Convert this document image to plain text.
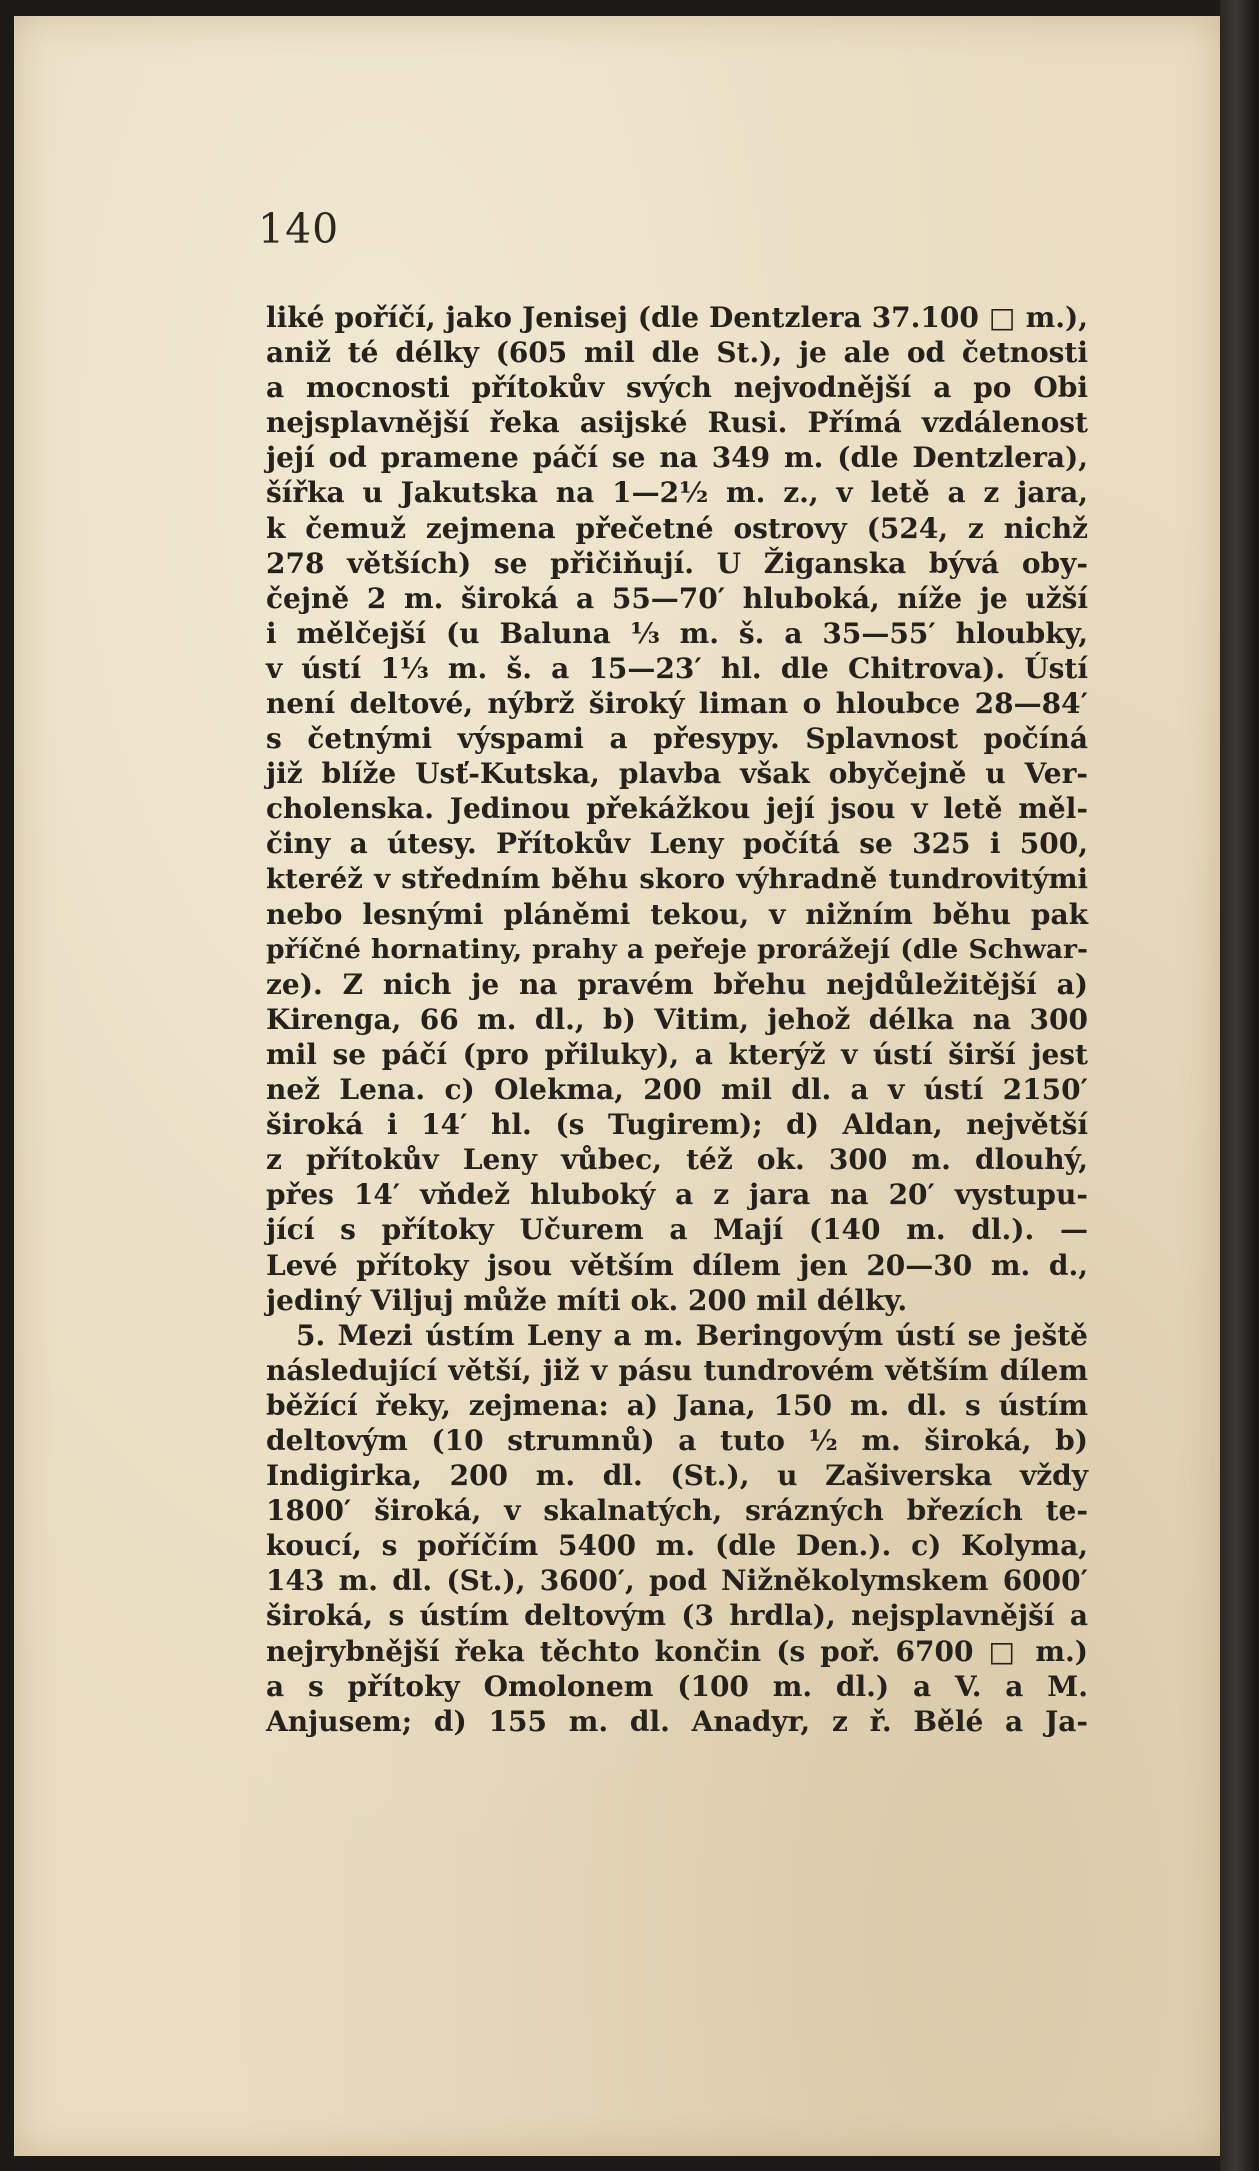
140
liké poříčí, jako Jenisej (dle Dentzlera 37.100 □ m.),
aniž té délky (605 mil dle St.), je ale od četnosti
a mocnosti přítokův svých nejvodnější a po Obi
nejsplavnější řeka asijské Rusi. Přímá vzdálenost
její od pramene páčí se na 349 m. (dle Dentzlera),
šířka u Jakutska na 1—2½ m. z., v letě a z jara,
k čemuž zejmena přečetné ostrovy (524, z nichž
278 větších) se přičiňují. U Žiganska bývá oby-
čejně 2 m. široká a 55—70′ hluboká, níže je užší
i mělčejší (u Baluna ⅓ m. š. a 35—55′ hloubky,
v ústí 1⅓ m. š. a 15—23′ hl. dle Chitrova). Ústí
není deltové, nýbrž široký liman o hloubce 28—84′
s četnými výspami a přesypy. Splavnost počíná
již blíže Usť-Kutska, plavba však obyčejně u Ver-
cholenska. Jedinou překážkou její jsou v letě měl-
činy a útesy. Přítokův Leny počítá se 325 i 500,
kteréž v středním běhu skoro výhradně tundrovitými
nebo lesnými pláněmi tekou, v nižním běhu pak
příčné hornatiny, prahy a peřeje prorážejí (dle Schwar-
ze). Z nich je na pravém břehu nejdůležitější a)
Kirenga, 66 m. dl., b) Vitim, jehož délka na 300
mil se páčí (pro přiluky), a kterýž v ústí širší jest
než Lena. c) Olekma, 200 mil dl. a v ústí 2150′
široká i 14′ hl. (s Tugirem); d) Aldan, největší
z přítokův Leny vůbec, též ok. 300 m. dlouhý,
přes 14′ vňdež hluboký a z jara na 20′ vystupu-
jící s přítoky Učurem a Mají (140 m. dl.). —
Levé přítoky jsou větším dílem jen 20—30 m. d.,
jediný Viljuj může míti ok. 200 mil délky.
5. Mezi ústím Leny a m. Beringovým ústí se ještě
následující větší, již v pásu tundrovém větším dílem
běžící řeky, zejmena: a) Jana, 150 m. dl. s ústím
deltovým (10 strumnů) a tuto ½ m. široká, b)
Indigirka, 200 m. dl. (St.), u Zašiverska vždy
1800′ široká, v skalnatých, srázných březích te-
koucí, s poříčím 5400 m. (dle Den.). c) Kolyma,
143 m. dl. (St.), 3600′, pod Nižněkolymskem 6000′
široká, s ústím deltovým (3 hrdla), nejsplavnější a
nejrybnější řeka těchto končin (s poř. 6700 □ m.)
a s přítoky Omolonem (100 m. dl.) a V. a M.
Anjusem; d) 155 m. dl. Anadyr, z ř. Bělé a Ja-
